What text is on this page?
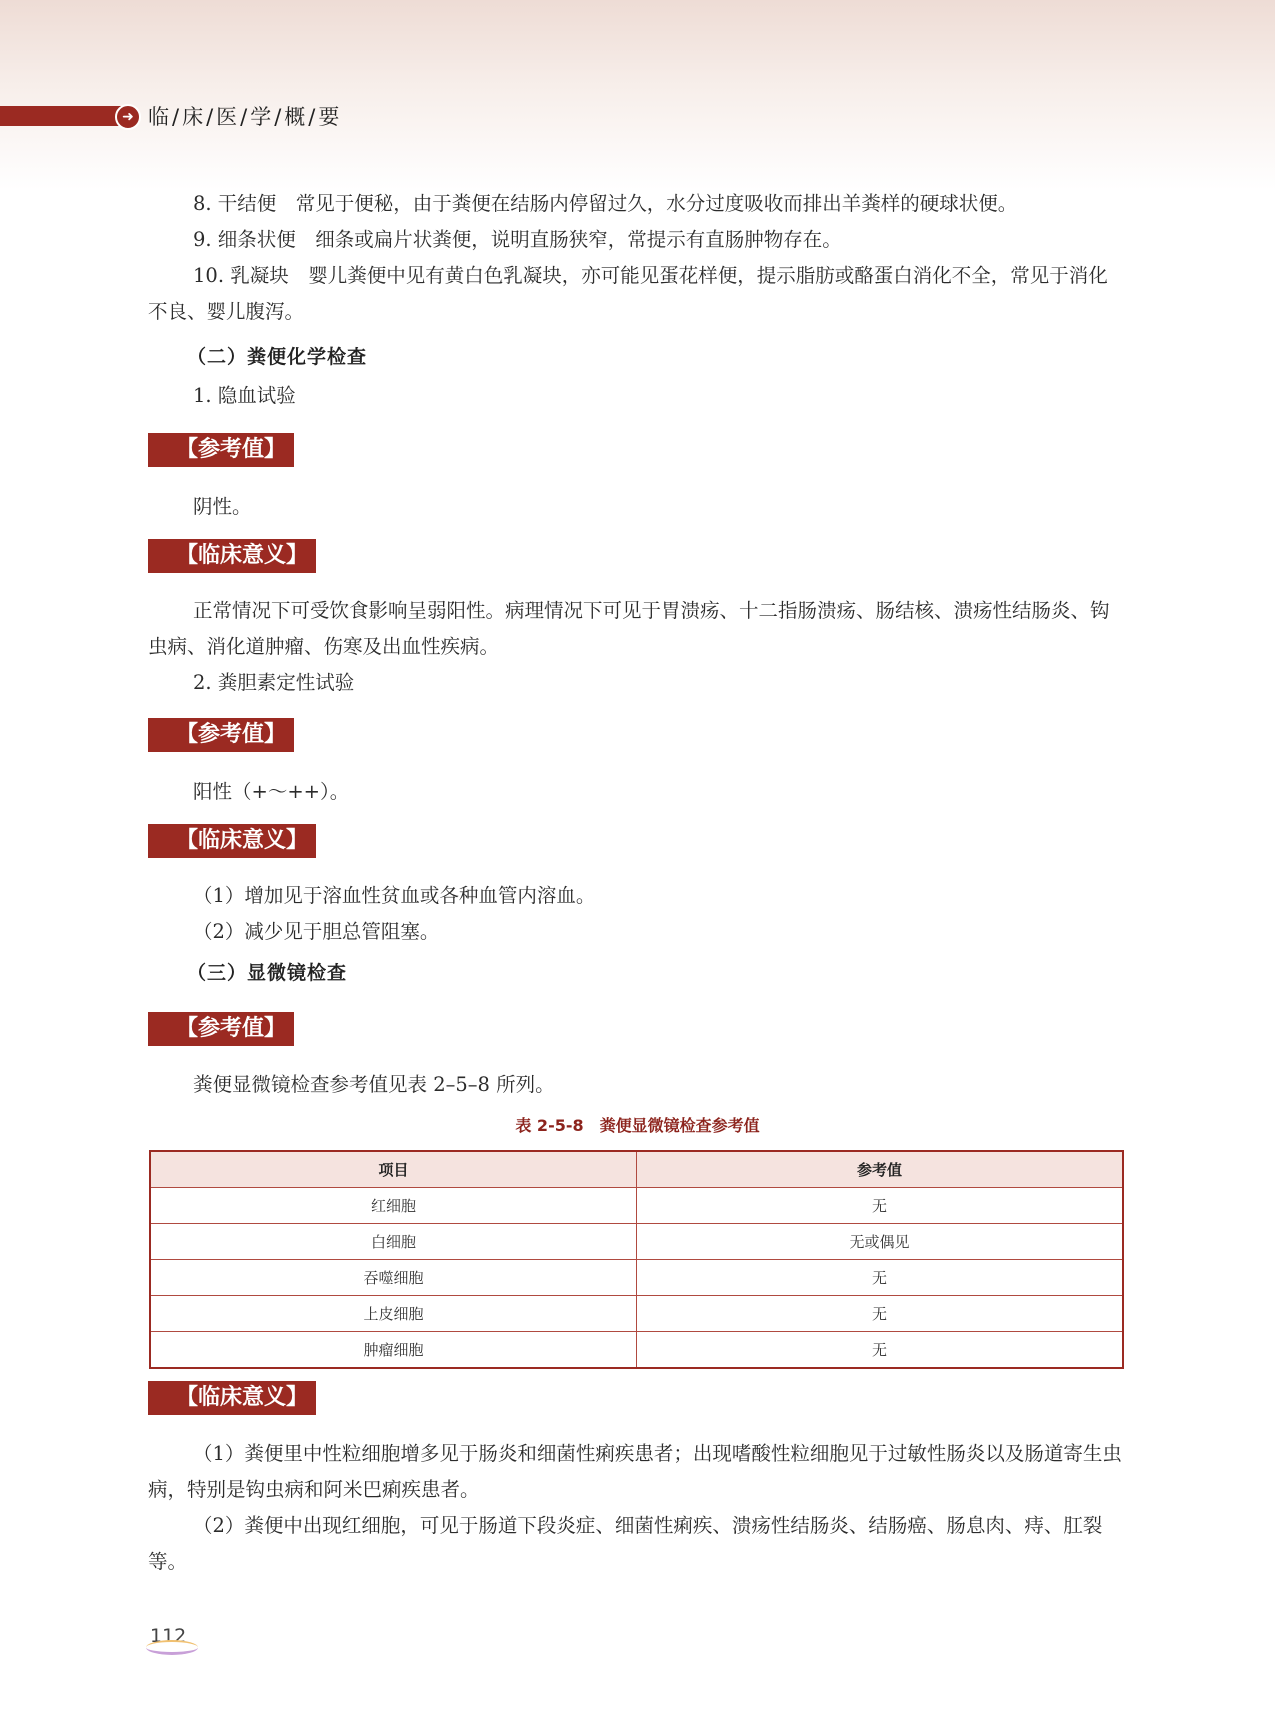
➜ 临/床/医/学/概/要
8. 干结便　常见于便秘，由于粪便在结肠内停留过久，水分过度吸收而排出羊粪样的硬球状便。
9. 细条状便　细条或扁片状粪便，说明直肠狭窄，常提示有直肠肿物存在。
10. 乳凝块　婴儿粪便中见有黄白色乳凝块，亦可能见蛋花样便，提示脂肪或酪蛋白消化不全，常见于消化不良、婴儿腹泻。
（二）粪便化学检查
1. 隐血试验
【参考值】
阴性。
【临床意义】
正常情况下可受饮食影响呈弱阳性。病理情况下可见于胃溃疡、十二指肠溃疡、肠结核、溃疡性结肠炎、钩虫病、消化道肿瘤、伤寒及出血性疾病。
2. 粪胆素定性试验
【参考值】
阳性（+～++）。
【临床意义】
（1）增加见于溶血性贫血或各种血管内溶血。
（2）减少见于胆总管阻塞。
（三）显微镜检查
【参考值】
粪便显微镜检查参考值见表 2–5–8 所列。
表 2-5-8　粪便显微镜检查参考值
项目	参考值
红细胞	无
白细胞	无或偶见
吞噬细胞	无
上皮细胞	无
肿瘤细胞	无
【临床意义】
（1）粪便里中性粒细胞增多见于肠炎和细菌性痢疾患者；出现嗜酸性粒细胞见于过敏性肠炎以及肠道寄生虫病，特别是钩虫病和阿米巴痢疾患者。
（2）粪便中出现红细胞，可见于肠道下段炎症、细菌性痢疾、溃疡性结肠炎、结肠癌、肠息肉、痔、肛裂等。
112
